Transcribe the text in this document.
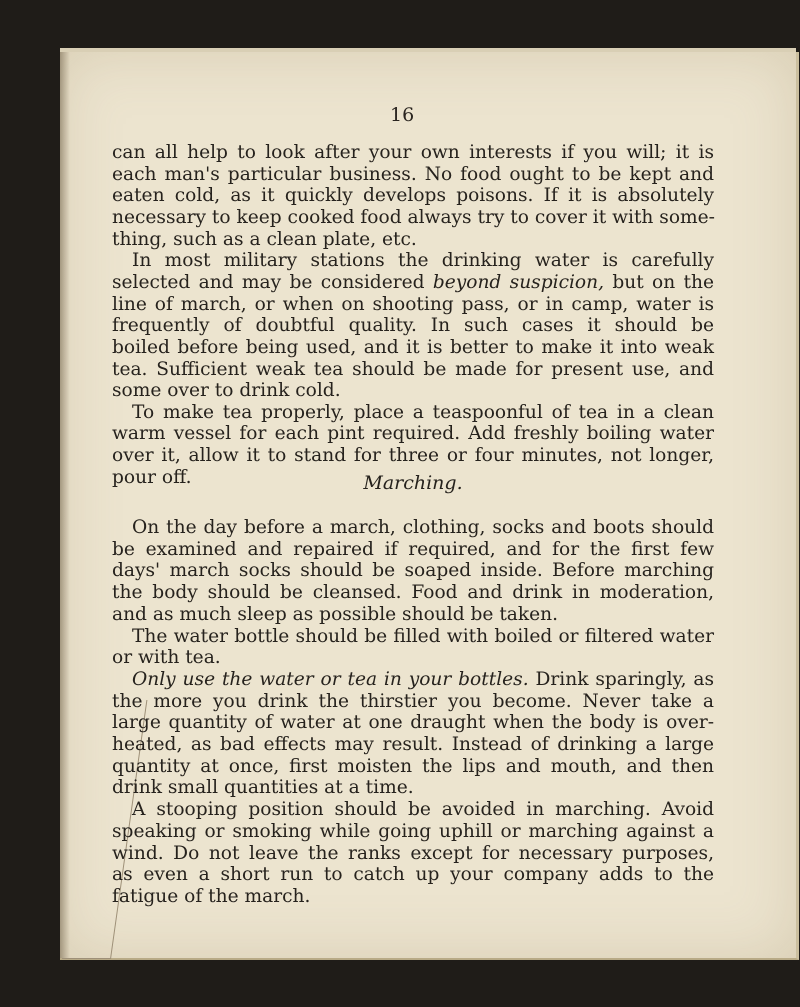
16
Marching.
can all help to look after your own interests if you will; it is
each man's particular business. No food ought to be kept and
eaten cold, as it quickly develops poisons. If it is absolutely
necessary to keep cooked food always try to cover it with some-
thing, such as a clean plate, etc.
In most military stations the drinking water is carefully
selected and may be considered beyond suspicion, but on the
line of march, or when on shooting pass, or in camp, water is
frequently of doubtful quality. In such cases it should be
boiled before being used, and it is better to make it into weak
tea. Sufficient weak tea should be made for present use, and
some over to drink cold.
To make tea properly, place a teaspoonful of tea in a clean
warm vessel for each pint required. Add freshly boiling water
over it, allow it to stand for three or four minutes, not longer,
pour off.
On the day before a march, clothing, socks and boots should
be examined and repaired if required, and for the first few
days' march socks should be soaped inside. Before marching
the body should be cleansed. Food and drink in moderation,
and as much sleep as possible should be taken.
The water bottle should be filled with boiled or filtered water
or with tea.
Only use the water or tea in your bottles. Drink sparingly, as
the more you drink the thirstier you become. Never take a
large quantity of water at one draught when the body is over-
heated, as bad effects may result. Instead of drinking a large
quantity at once, first moisten the lips and mouth, and then
drink small quantities at a time.
A stooping position should be avoided in marching. Avoid
speaking or smoking while going uphill or marching against a
wind. Do not leave the ranks except for necessary purposes,
as even a short run to catch up your company adds to the
fatigue of the march.
